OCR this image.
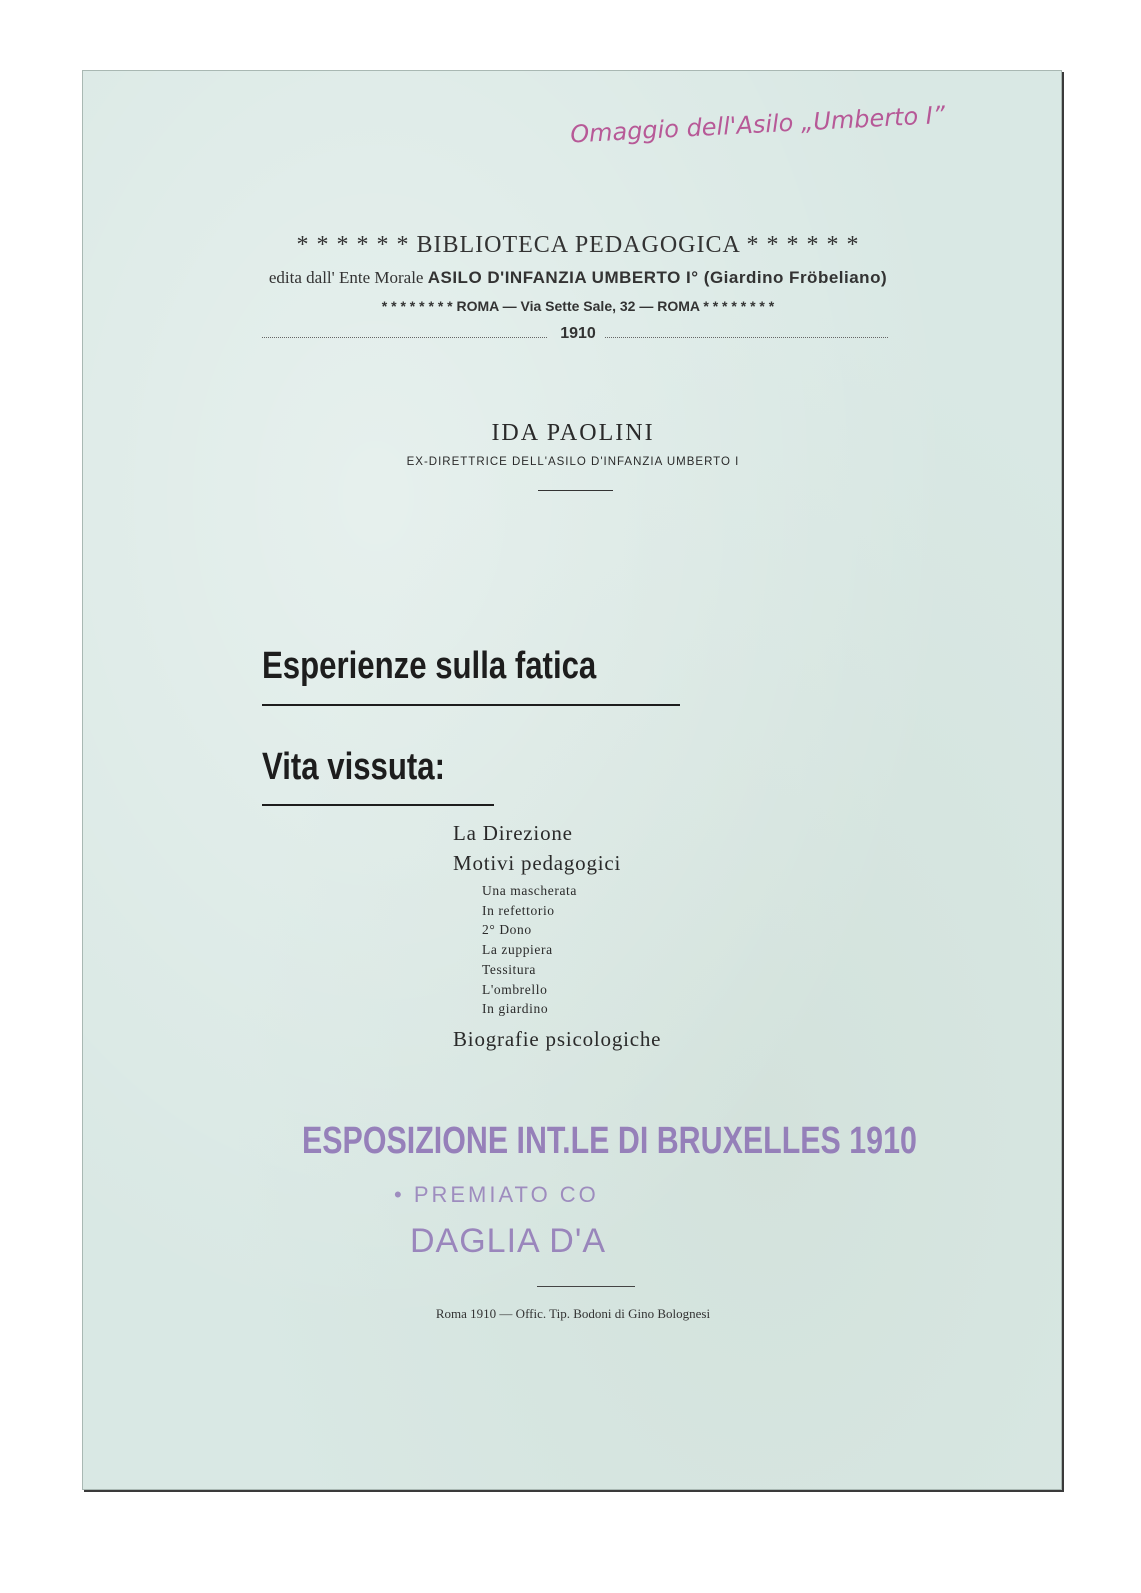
Omaggio dell'Asilo „Umberto I”
* * * * * * BIBLIOTECA PEDAGOGICA * * * * * *
edita dall' Ente Morale ASILO D'INFANZIA UMBERTO I° (Giardino Fröbeliano)
* * * * * * * * ROMA — Via Sette Sale, 32 — ROMA * * * * * * * *
1910
IDA PAOLINI
EX-DIRETTRICE DELL'ASILO D'INFANZIA UMBERTO I
Esperienze sulla fatica
Vita vissuta:
La Direzione
Motivi pedagogici
Una mascherata
In refettorio
2° Dono
La zuppiera
Tessitura
L'ombrello
In giardino
Biografie psicologiche
ESPOSIZIONE INT.LE DI BRUXELLES 1910
• PREMIATO CO
DAGLIA D'A
Roma 1910 — Offic. Tip. Bodoni di Gino Bolognesi
